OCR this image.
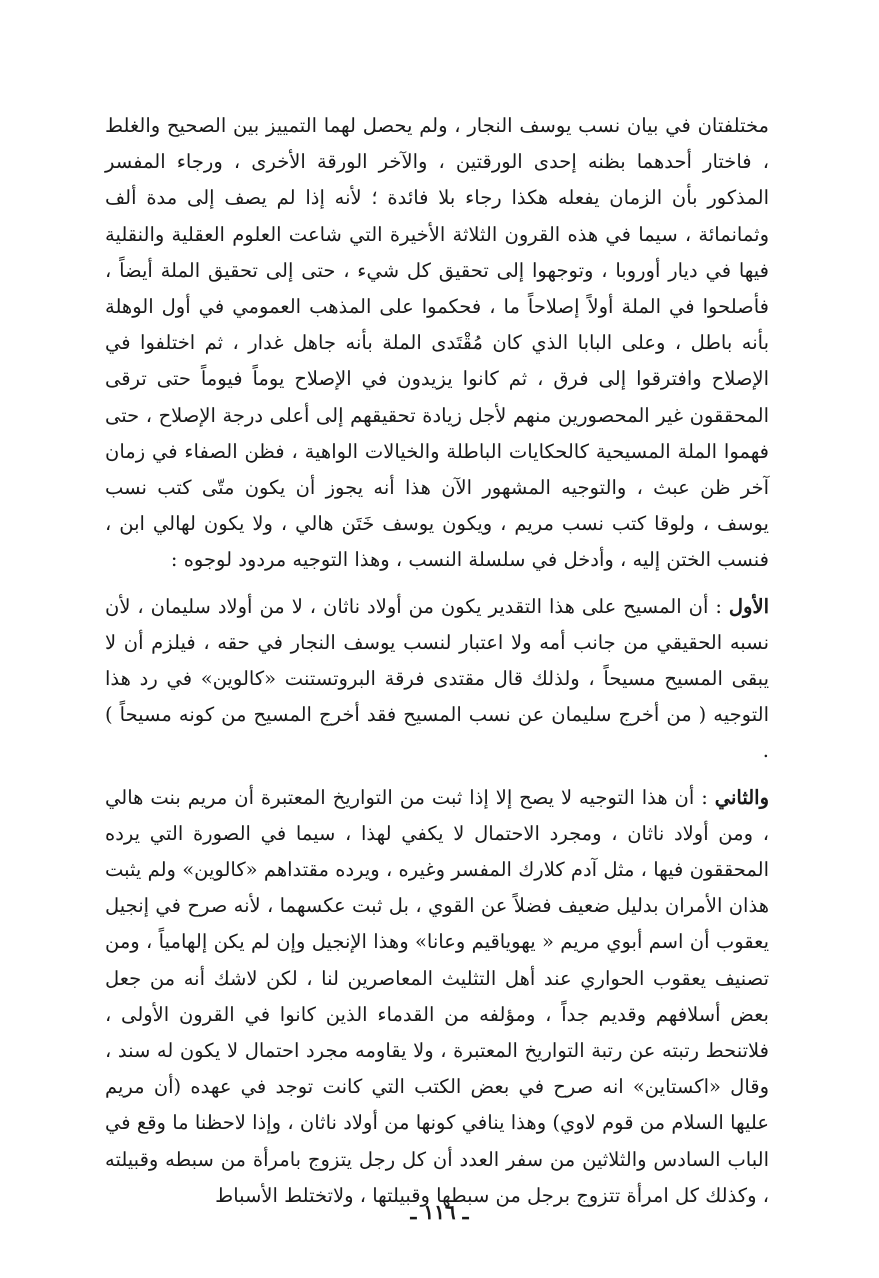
مختلفتان في بيان نسب يوسف النجار ، ولم يحصل لهما التمييز بين الصحيح والغلط ، فاختار أحدهما بظنه إحدى الورقتين ، والآخر الورقة الأخرى ، ورجاء المفسر المذكور بأن الزمان يفعله هكذا رجاء بلا فائدة ؛ لأنه إذا لم يصف إلى مدة ألف وثمانمائة ، سيما في هذه القرون الثلاثة الأخيرة التي شاعت العلوم العقلية والنقلية فيها في ديار أوروبا ، وتوجهوا إلى تحقيق كل شيء ، حتى إلى تحقيق الملة أيضاً ، فأصلحوا في الملة أولاً إصلاحاً ما ، فحكموا على المذهب العمومي في أول الوهلة بأنه باطل ، وعلى البابا الذي كان مُقْتَدى الملة بأنه جاهل غدار ، ثم اختلفوا في الإصلاح وافترقوا إلى فرق ، ثم كانوا يزيدون في الإصلاح يوماً فيوماً حتى ترقى المحققون غير المحصورين منهم لأجل زيادة تحقيقهم إلى أعلى درجة الإصلاح ، حتى فهموا الملة المسيحية كالحكايات الباطلة والخيالات الواهية ، فظن الصفاء في زمان آخر ظن عبث ، والتوجيه المشهور الآن هذا أنه يجوز أن يكون متّى كتب نسب يوسف ، ولوقا كتب نسب مريم ، ويكون يوسف خَتَن هالي ، ولا يكون لهالي ابن ، فنسب الختن إليه ، وأدخل في سلسلة النسب ، وهذا التوجيه مردود لوجوه :

الأول : أن المسيح على هذا التقدير يكون من أولاد ناثان ، لا من أولاد سليمان ، لأن نسبه الحقيقي من جانب أمه ولا اعتبار لنسب يوسف النجار في حقه ، فيلزم أن لا يبقى المسيح مسيحاً ، ولذلك قال مقتدى فرقة البروتستنت «كالوين» في رد هذا التوجيه ( من أخرج سليمان عن نسب المسيح فقد أخرج المسيح من كونه مسيحاً ) .

والثاني : أن هذا التوجيه لا يصح إلا إذا ثبت من التواريخ المعتبرة أن مريم بنت هالي ، ومن أولاد ناثان ، ومجرد الاحتمال لا يكفي لهذا ، سيما في الصورة التي يرده المحققون فيها ، مثل آدم كلارك المفسر وغيره ، ويرده مقتداهم «كالوين» ولم يثبت هذان الأمران بدليل ضعيف فضلاً عن القوي ، بل ثبت عكسهما ، لأنه صرح في إنجيل يعقوب أن اسم أبوي مريم « يهوياقيم وعانا» وهذا الإنجيل وإن لم يكن إلهامياً ، ومن تصنيف يعقوب الحواري عند أهل التثليث المعاصرين لنا ، لكن لاشك أنه من جعل بعض أسلافهم وقديم جداً ، ومؤلفه من القدماء الذين كانوا في القرون الأولى ، فلاتنحط رتبته عن رتبة التواريخ المعتبرة ، ولا يقاومه مجرد احتمال لا يكون له سند ، وقال «اكستاين» انه صرح في بعض الكتب التي كانت توجد في عهده (أن مريم عليها السلام من قوم لاوي) وهذا ينافي كونها من أولاد ناثان ، وإذا لاحظنا ما وقع في الباب السادس والثلاثين من سفر العدد أن كل رجل يتزوج بامرأة من سبطه وقبيلته ، وكذلك كل امرأة تتزوج برجل من سبطها وقبيلتها ، ولاتختلط الأسباط

ـ ١١٦ ـ
